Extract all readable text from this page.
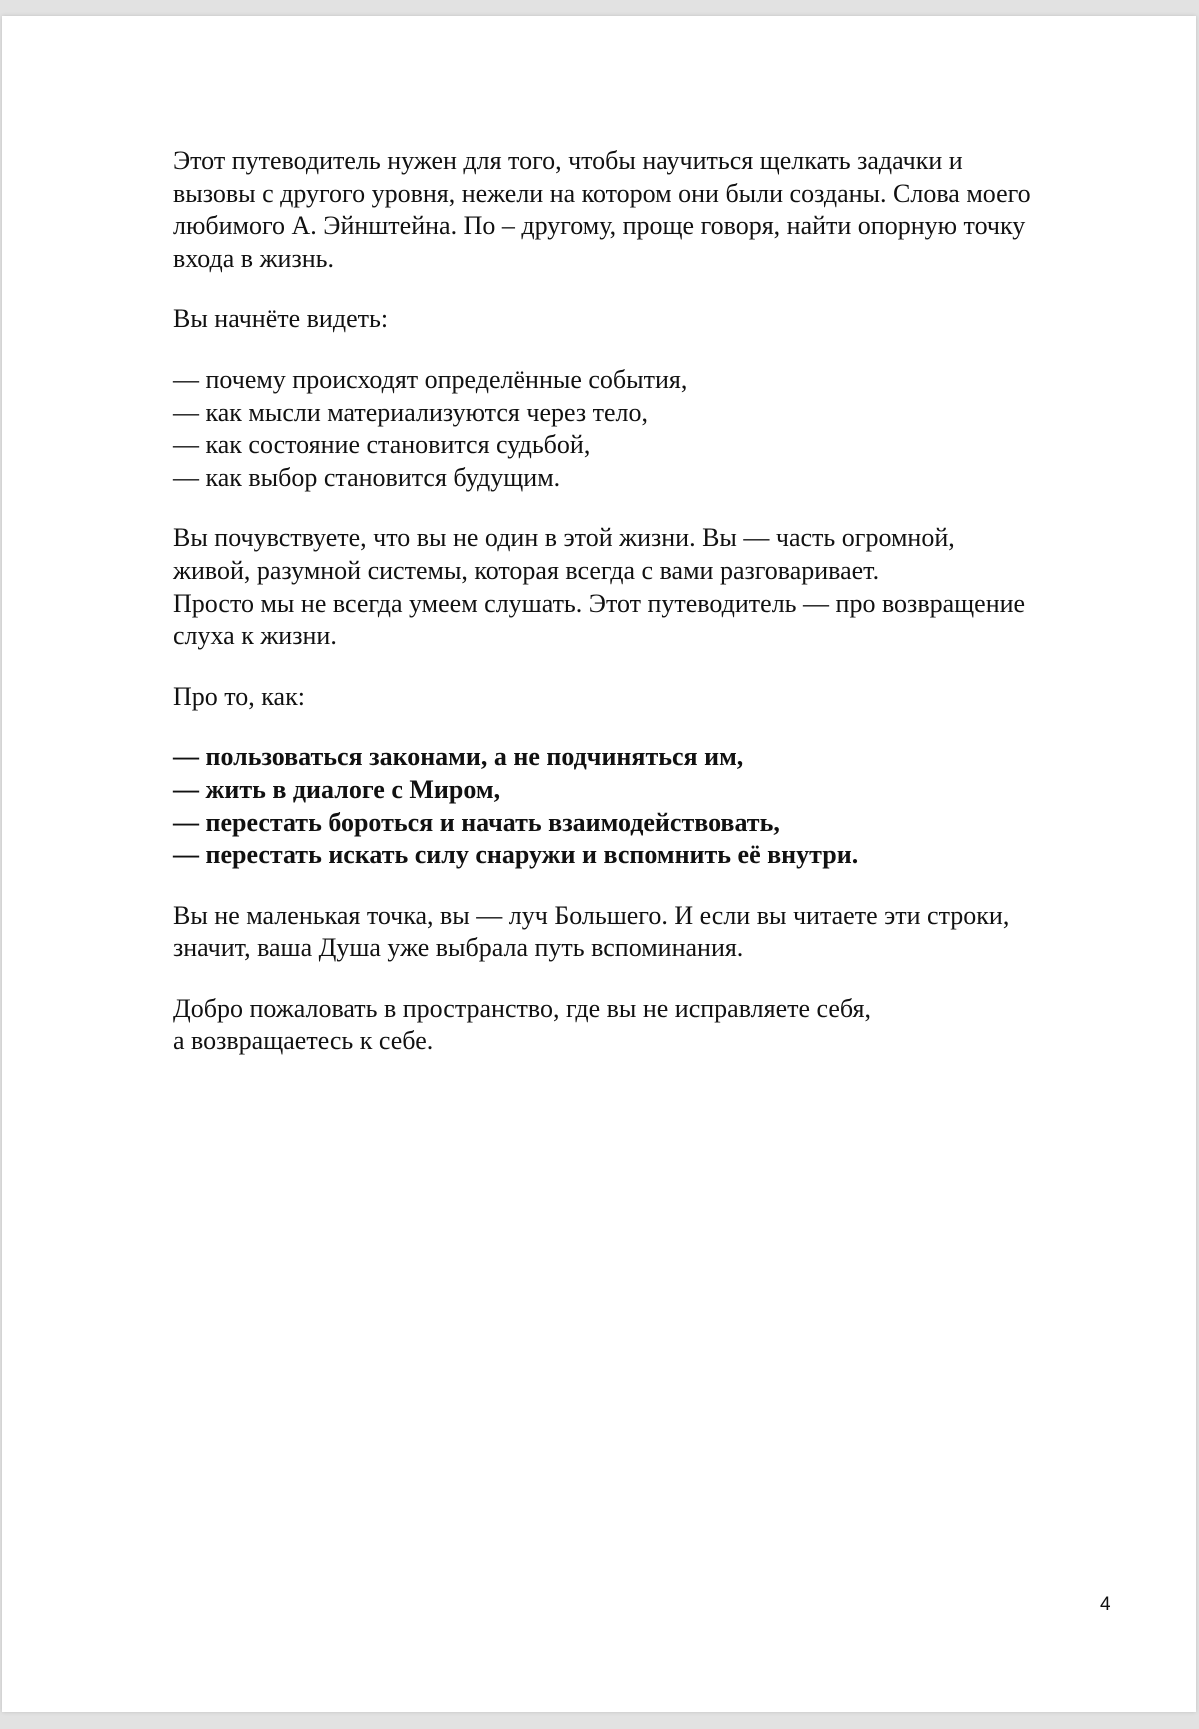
Этот путеводитель нужен для того, чтобы научиться щелкать задачки и
вызовы с другого уровня, нежели на котором они были созданы. Слова моего
любимого А. Эйнштейна. По – другому, проще говоря, найти опорную точку
входа в жизнь.
Вы начнёте видеть:
— почему происходят определённые события,
— как мысли материализуются через тело,
— как состояние становится судьбой,
— как выбор становится будущим.
Вы почувствуете, что вы не один в этой жизни. Вы — часть огромной,
живой, разумной системы, которая всегда с вами разговаривает.
Просто мы не всегда умеем слушать. Этот путеводитель — про возвращение
слуха к жизни.
Про то, как:
— пользоваться законами, а не подчиняться им,
— жить в диалоге с Миром,
— перестать бороться и начать взаимодействовать,
— перестать искать силу снаружи и вспомнить её внутри.
Вы не маленькая точка, вы — луч Большего. И если вы читаете эти строки,
значит, ваша Душа уже выбрала путь вспоминания.
Добро пожаловать в пространство, где вы не исправляете себя,
а возвращаетесь к себе.
4
